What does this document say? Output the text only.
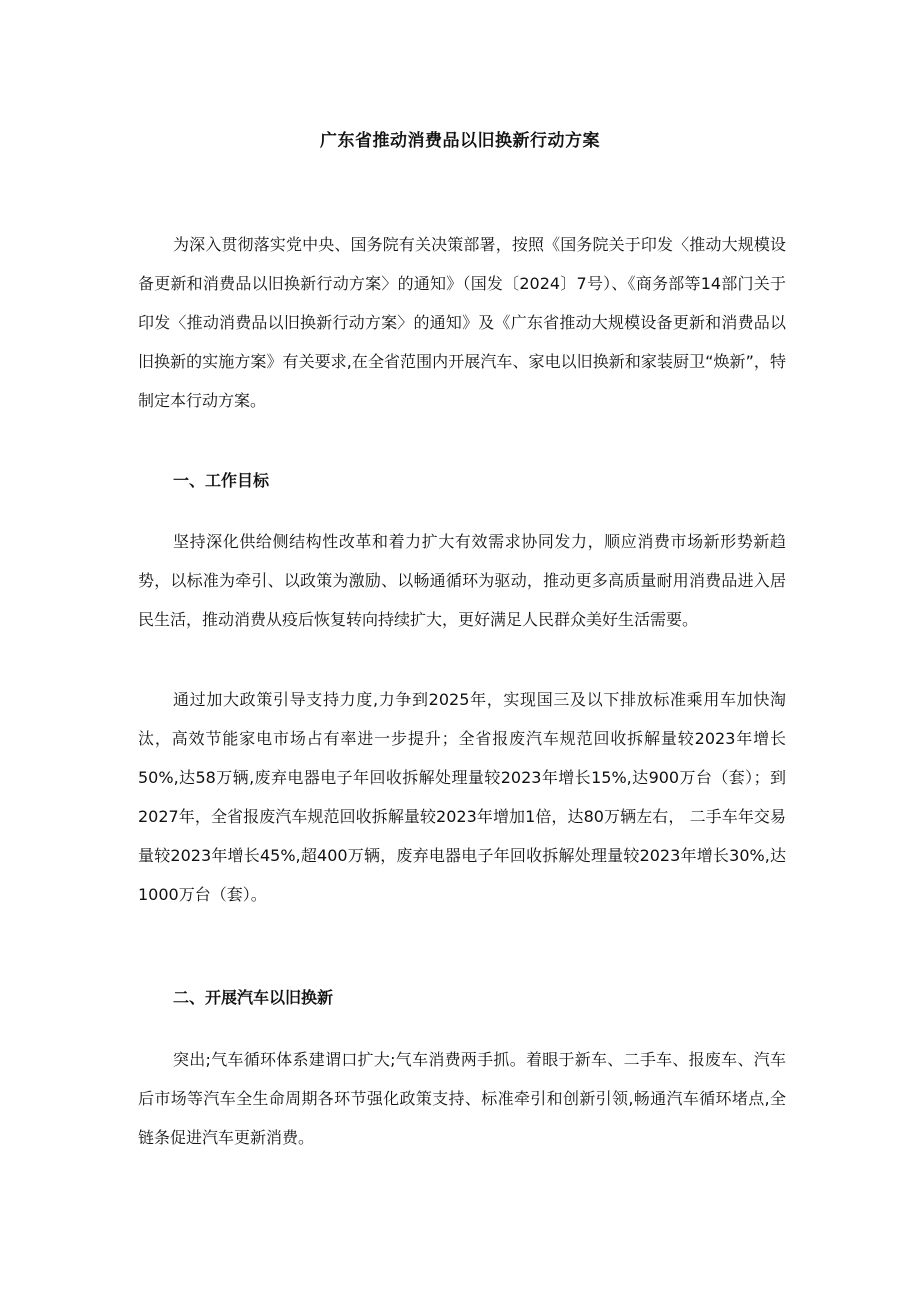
广东省推动消费品以旧换新行动方案

为深入贯彻落实党中央、国务院有关决策部署，按照《国务院关于印发〈推动大规模设备更新和消费品以旧换新行动方案〉的通知》（国发〔2024〕7号）、《商务部等14部门关于印发〈推动消费品以旧换新行动方案〉的通知》及《广东省推动大规模设备更新和消费品以旧换新的实施方案》有关要求,在全省范围内开展汽车、家电以旧换新和家装厨卫“焕新”，特制定本行动方案。

一、工作目标

坚持深化供给侧结构性改革和着力扩大有效需求协同发力，顺应消费市场新形势新趋势，以标准为牵引、以政策为激励、以畅通循环为驱动，推动更多高质量耐用消费品进入居民生活，推动消费从疫后恢复转向持续扩大，更好满足人民群众美好生活需要。

通过加大政策引导支持力度,力争到2025年，实现国三及以下排放标准乘用车加快淘汰，高效节能家电市场占有率进一步提升；全省报废汽车规范回收拆解量较2023年增长50%,达58万辆,废弃电器电子年回收拆解处理量较2023年增长15%,达900万台（套）；到2027年，全省报废汽车规范回收拆解量较2023年增加1倍，达80万辆左右， 二手车年交易量较2023年增长45%,超400万辆，废弃电器电子年回收拆解处理量较2023年增长30%,达1000万台（套）。

二、开展汽车以旧换新

突出;气车循环体系建谓口扩大;气车消费两手抓。着眼于新车、二手车、报废车、汽车后市场等汽车全生命周期各环节强化政策支持、标准牵引和创新引领,畅通汽车循环堵点,全链条促进汽车更新消费。
